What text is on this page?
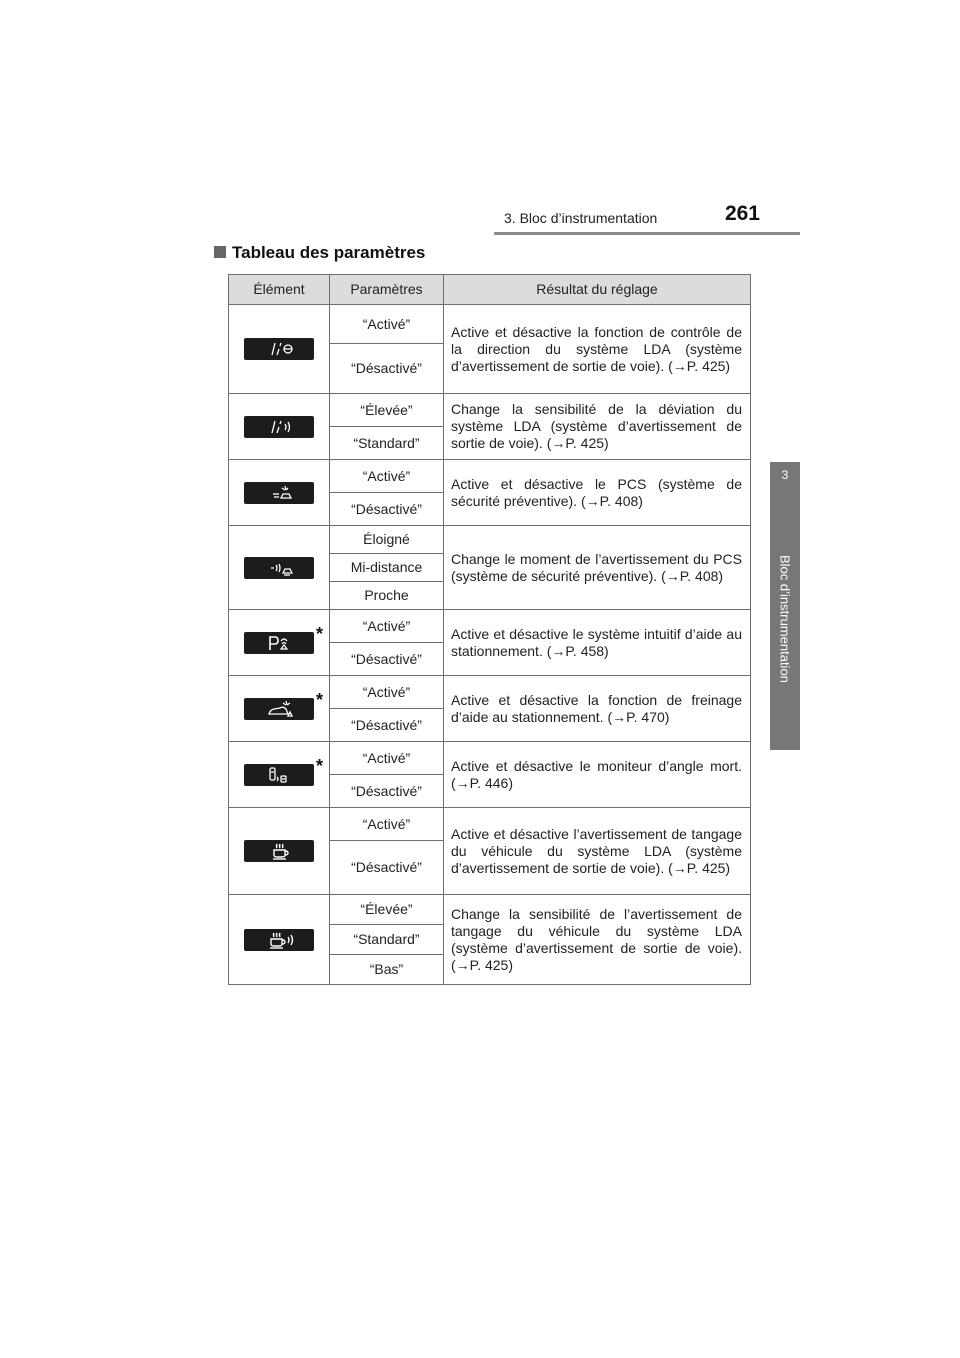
3. Bloc d’instrumentation	261
3
Bloc d’instrumentation
Tableau des paramètres
Élément	Paramètres	Résultat du réglage

	“Activé”	Active et désactive la fonction de contrôle de la direction du système LDA (système d’avertissement de sortie de voie). (→P. 425)
	“Désactivé”	

	“Élevée”	Change la sensibilité de la déviation du système LDA (système d’avertissement de sortie de voie). (→P. 425)
	“Standard”	

	“Activé”	Active et désactive le PCS (système de sécurité préventive). (→P. 408)
	“Désactivé”	

	Éloigné	Change le moment de l’avertissement du PCS (système de sécurité préventive). (→P. 408)
	Mi-distance	
	Proche	

*	“Activé”	Active et désactive le système intuitif d’aide au stationnement. (→P. 458)
	“Désactivé”	

*	“Activé”	Active et désactive la fonction de freinage d’aide au stationnement. (→P. 470)
	“Désactivé”	

*	“Activé”	Active et désactive le moniteur d’angle mort. (→P. 446)
	“Désactivé”	

	“Activé”	Active et désactive l’avertissement de tangage du véhicule du système LDA (système d’avertissement de sortie de voie). (→P. 425)
	“Désactivé”	

	“Élevée”	Change la sensibilité de l’avertissement de tangage du véhicule du système LDA (système d’avertissement de sortie de voie). (→P. 425)
	“Standard”	
	“Bas”	
